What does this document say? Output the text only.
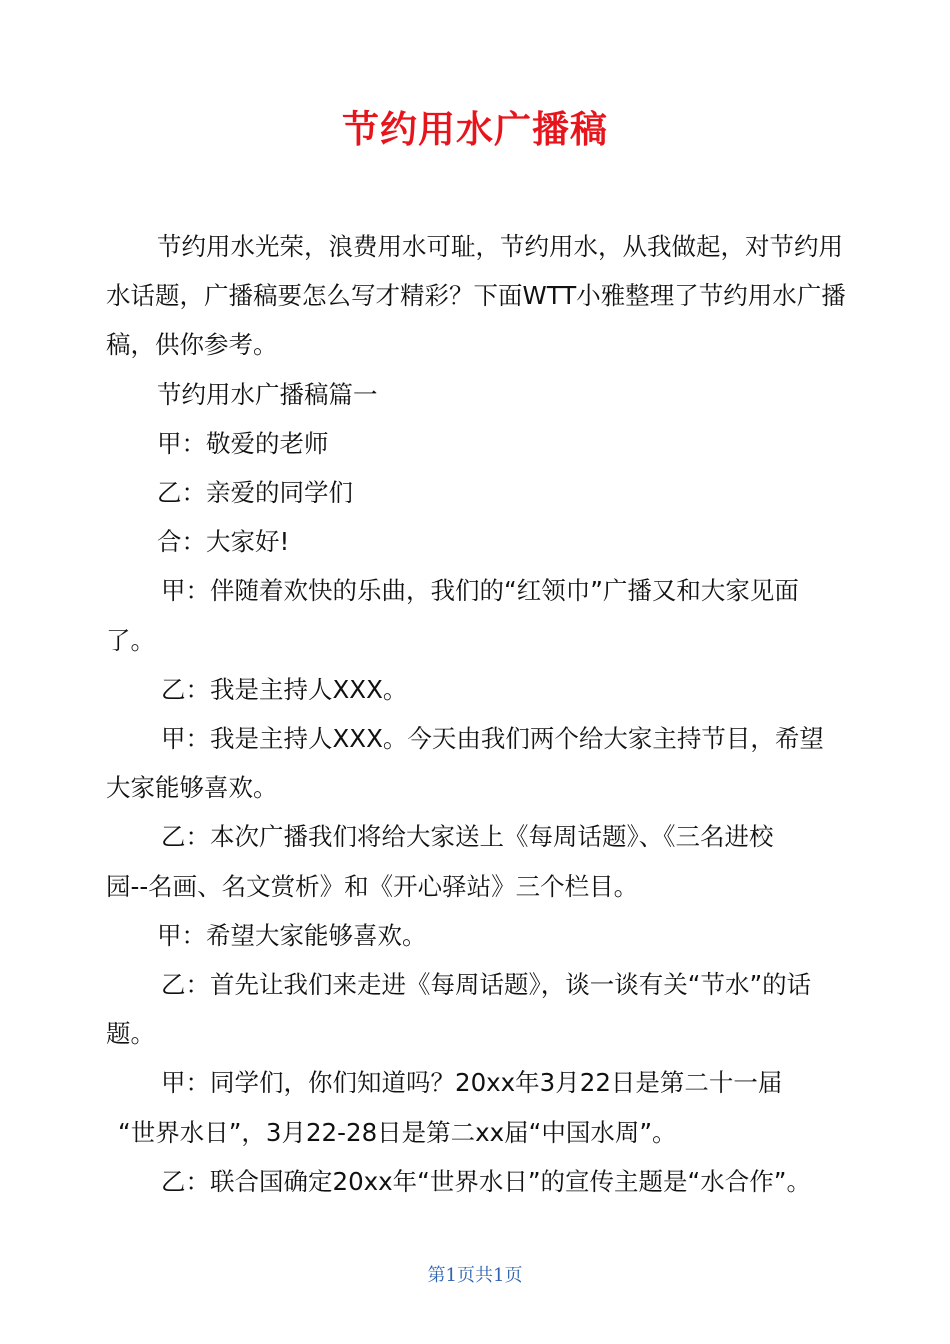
节约用水广播稿

节约用水光荣，浪费用水可耻，节约用水，从我做起，对节约用水话题，广播稿要怎么写才精彩？下面WTT小雅整理了节约用水广播稿，供你参考。

节约用水广播稿篇一

甲：敬爱的老师

乙：亲爱的同学们

合：大家好!

甲：伴随着欢快的乐曲，我们的“红领巾”广播又和大家见面了。

乙：我是主持人XXX。

甲：我是主持人XXX。今天由我们两个给大家主持节目，希望大家能够喜欢。

乙：本次广播我们将给大家送上《每周话题》、《三名进校

园--名画、名文赏析》和《开心驿站》三个栏目。

甲：希望大家能够喜欢。

乙：首先让我们来走进《每周话题》，谈一谈有关“节水”的话题。

甲：同学们，你们知道吗？20xx年3月22日是第二十一届

“世界水日”，3月22-28日是第二xx届“中国水周”。

乙：联合国确定20xx年“世界水日”的宣传主题是“水合作”。

第1页共1页
